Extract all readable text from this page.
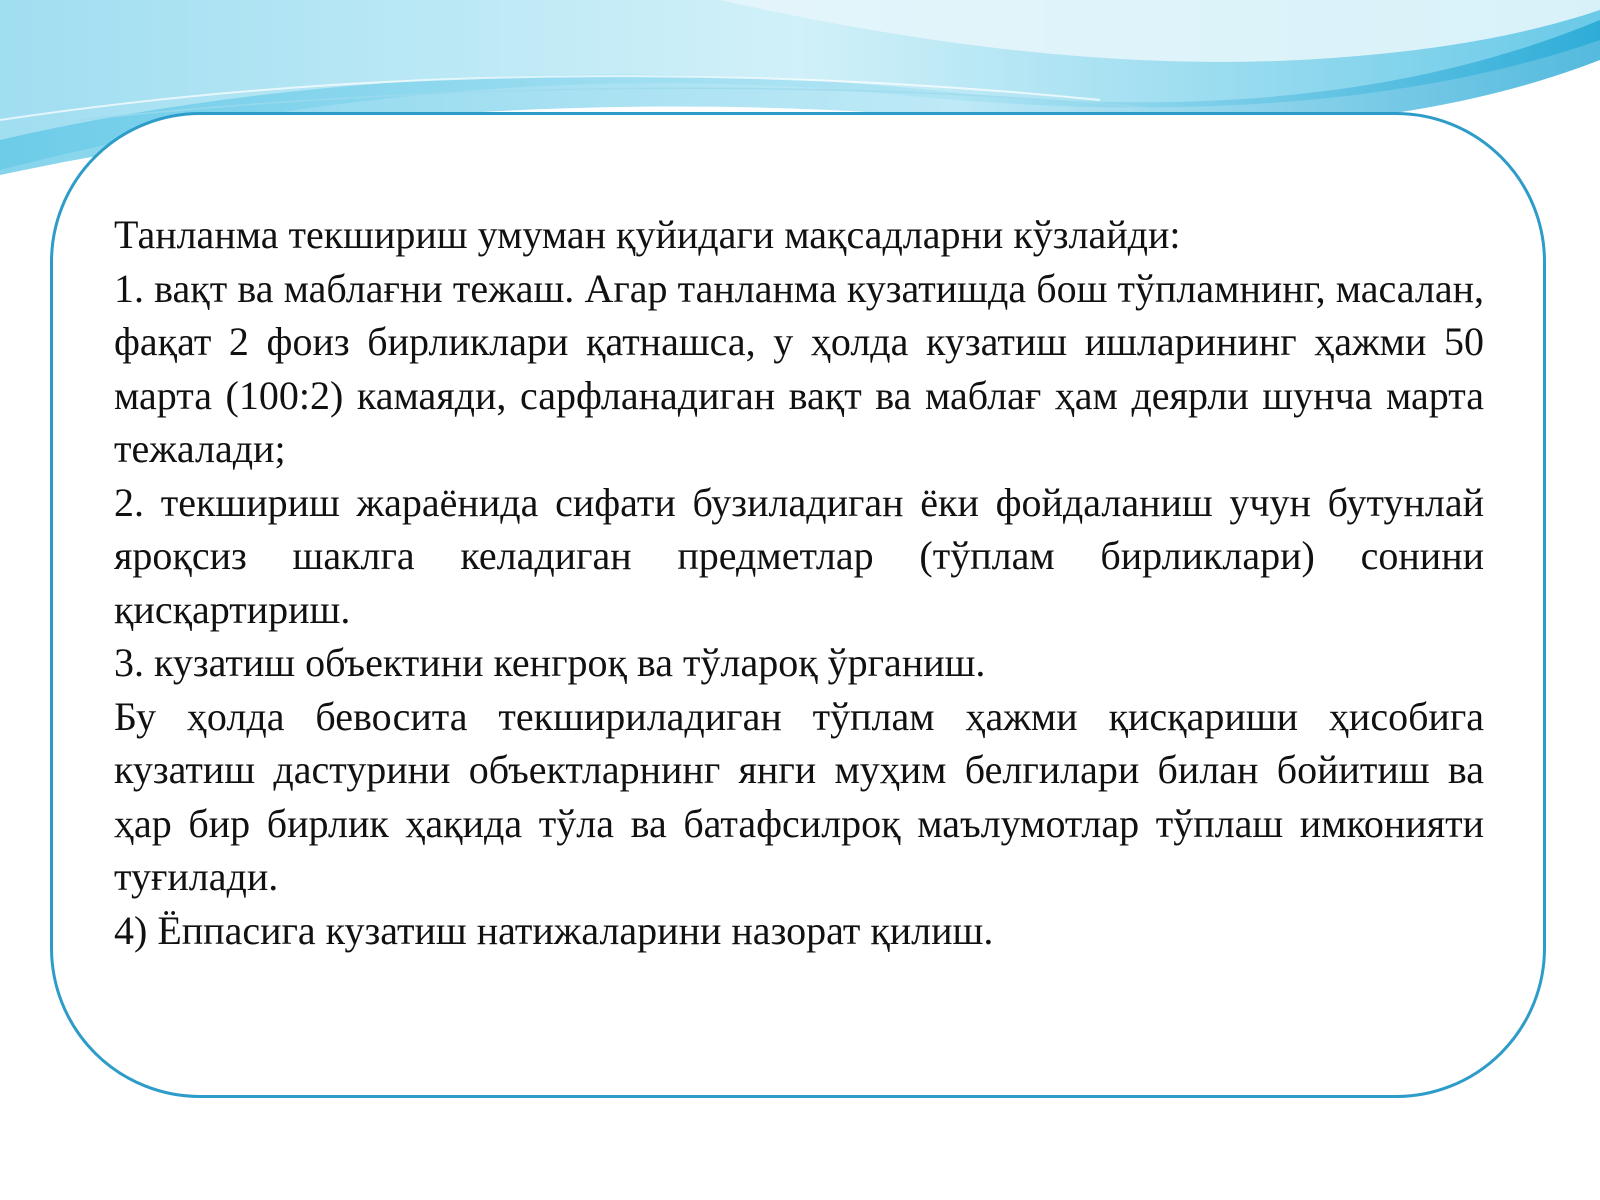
Танланма текшириш умуман қуйидаги мақсадларни кўзлайди:

1. вақт ва маблағни тежаш. Агар танланма кузатишда бош тўпламнинг, масалан, фақат 2 фоиз бирликлари қатнашса, у ҳолда кузатиш ишларининг ҳажми 50 марта (100:2) камаяди, сарфланадиган вақт ва маблағ ҳам деярли шунча марта тежалади;

2. текшириш жараёнида сифати бузиладиган ёки фойдаланиш учун бутунлай яроқсиз шаклга келадиган предметлар (тўплам бирликлари) сонини қисқартириш.

3. кузатиш объектини кенгроқ ва тўлароқ ўрганиш.

Бу ҳолда бевосита текшириладиган тўплам ҳажми қисқариши ҳисобига кузатиш дастурини объектларнинг янги муҳим белгилари билан бойитиш ва ҳар бир бирлик ҳақида тўла ва батафсилроқ маълумотлар тўплаш имконияти туғилади.

4) Ёппасига кузатиш натижаларини назорат қилиш.
